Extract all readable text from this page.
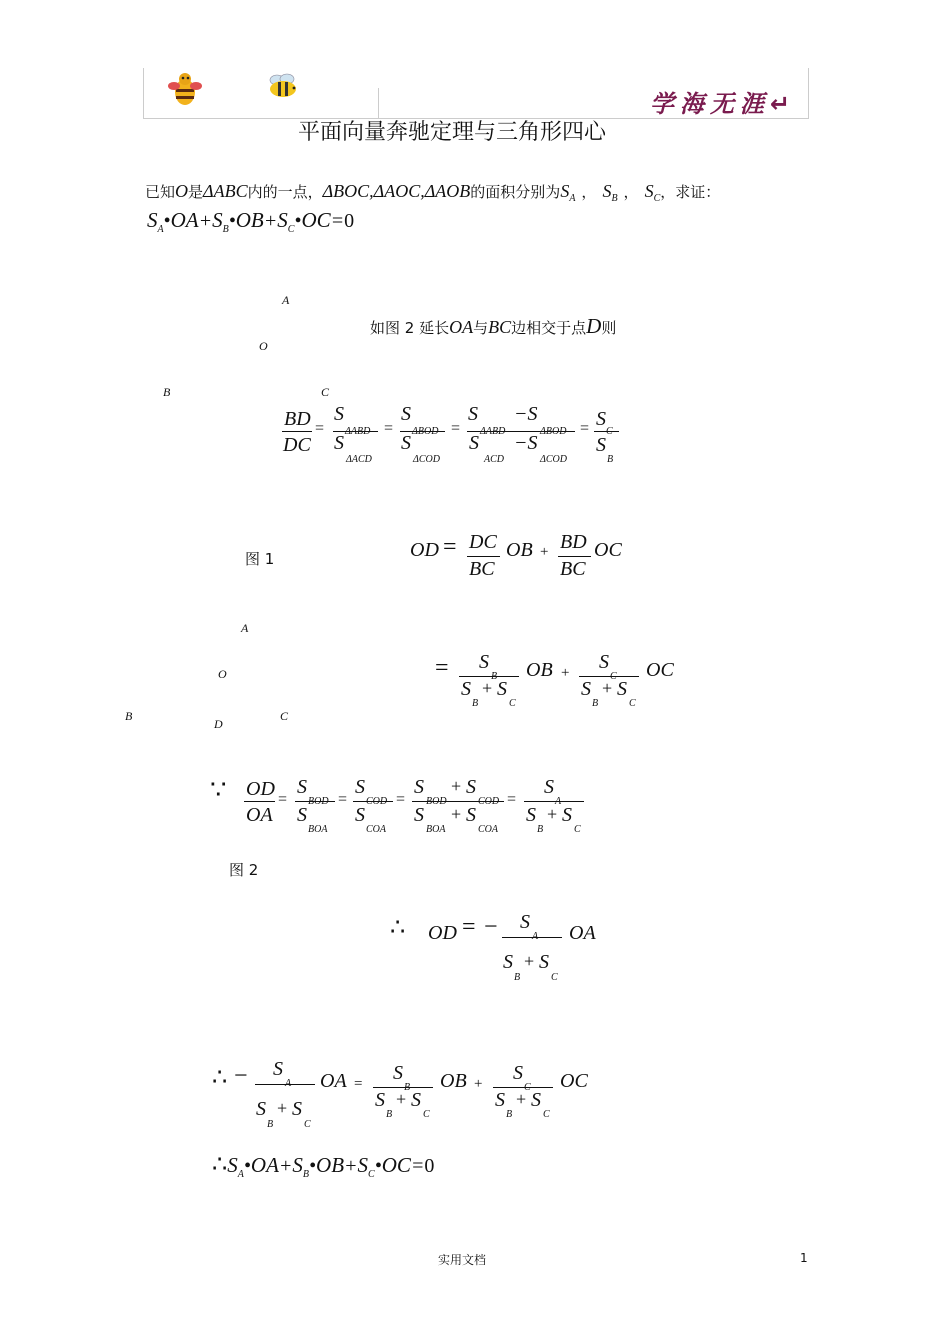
学海无涯↵
平面向量奔驰定理与三角形四心
已知O是ΔABC内的一点，ΔBOC,ΔAOC,ΔAOB的面积分别为$S_A$ ， $S_B$ ， $S_C$，求证：
$S_A•OA+S_B•OB+S_C•OC=0$
A
O
B	C
图 1
如图 2 延长OA与BC边相交于点D则
BD
DC
=
S
S
ΔACD
=
S
S
ΔCOD
=
S −S
S
ACD
−S
ΔCOD
= S
S
B
OD = DC
BC
OB + BD
BC
OC
A
O
B
D
C
图 2
= S
S + S
B	C
OB + S
S + S
B	C
OC
∵ OD
OA
=
S
S
BOA
=
S
S
COA
=
S + S
S
BOA
+ S
COA
=
S
S + S
B	C
∴ OD = − S
S + S
B	C
OA
∴ − S
S + S
B	C
OA = S
S + S
B	C
OB + S
S + S
B	C
OC
$\therefore S_A•OA+S_B•OB+S_C•OC=0$
实用文档	1
